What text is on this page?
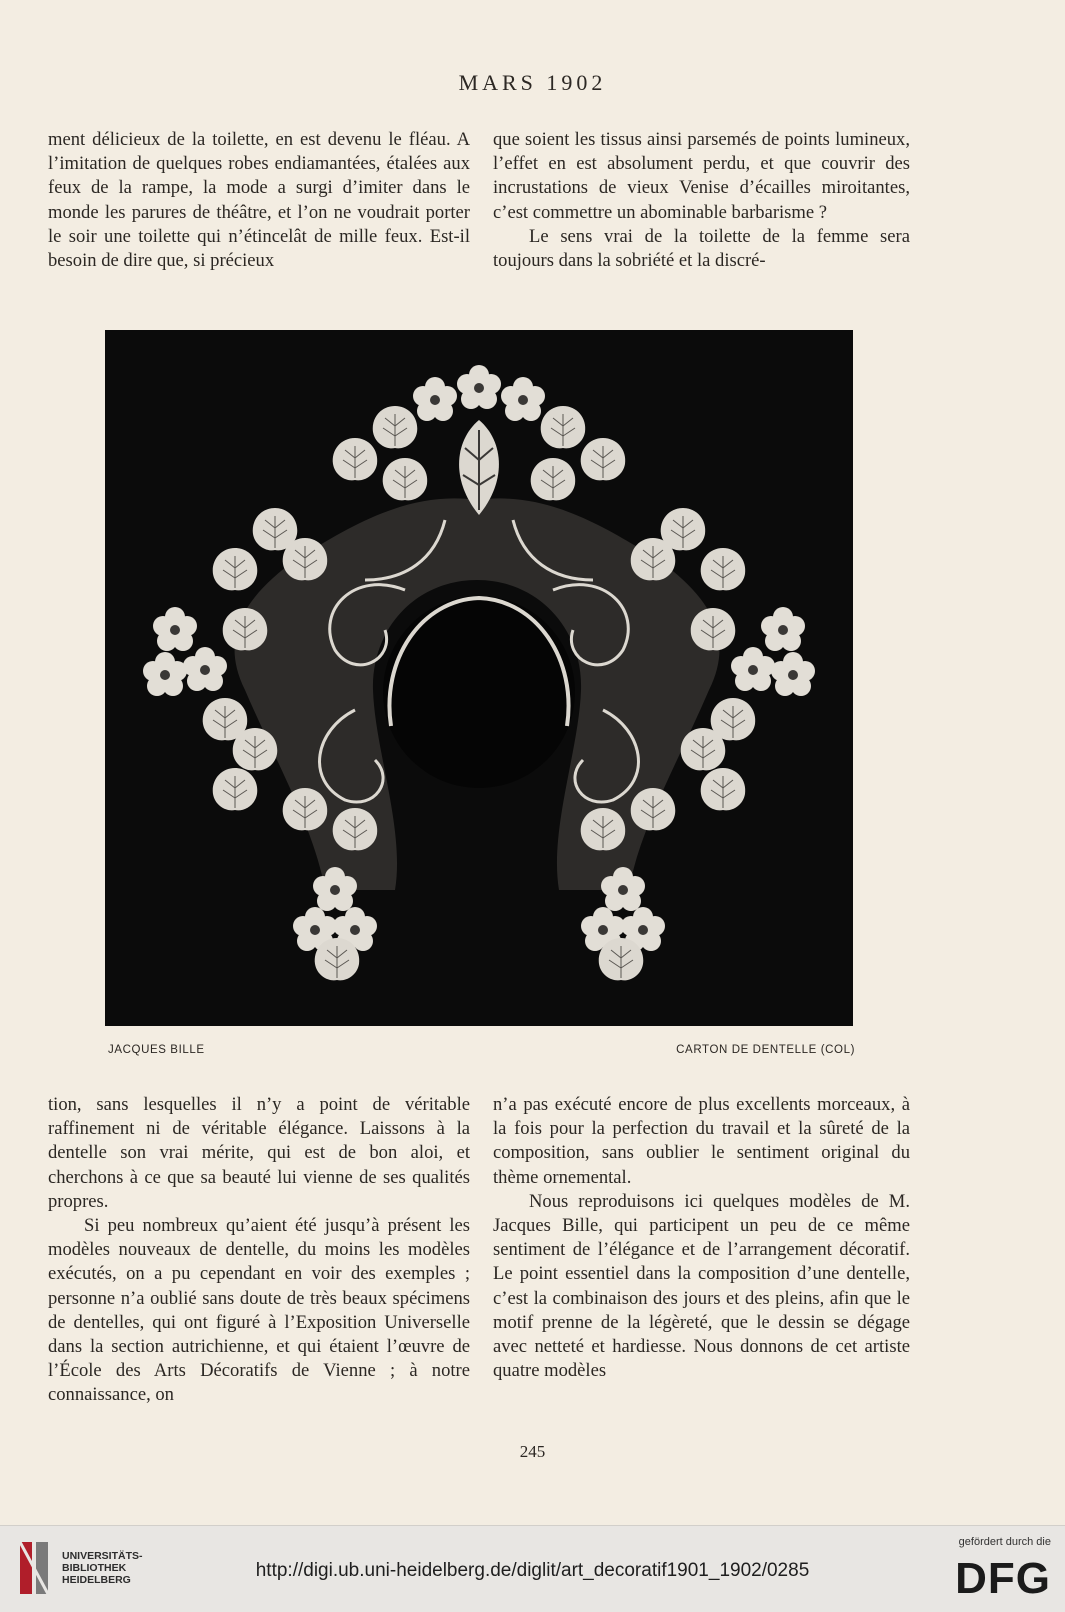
MARS 1902

ment délicieux de la toilette, en est devenu le fléau. A l’imitation de quelques robes endiamantées, étalées aux feux de la rampe, la mode a surgi d’imiter dans le monde les parures de théâtre, et l’on ne voudrait porter le soir une toilette qui n’étincelât de mille feux. Est-il besoin de dire que, si précieux

que soient les tissus ainsi parsemés de points lumineux, l’effet en est absolument perdu, et que couvrir des incrustations de vieux Venise d’écailles miroitantes, c’est commettre un abominable barbarisme ?

Le sens vrai de la toilette de la femme sera toujours dans la sobriété et la discré-

JACQUES BILLE	CARTON DE DENTELLE (COL)

tion, sans lesquelles il n’y a point de véritable raffinement ni de véritable élégance. Laissons à la dentelle son vrai mérite, qui est de bon aloi, et cherchons à ce que sa beauté lui vienne de ses qualités propres.

Si peu nombreux qu’aient été jusqu’à présent les modèles nouveaux de dentelle, du moins les modèles exécutés, on a pu cependant en voir des exemples ; personne n’a oublié sans doute de très beaux spécimens de dentelles, qui ont figuré à l’Exposition Universelle dans la section autrichienne, et qui étaient l’œuvre de l’École des Arts Décoratifs de Vienne ; à notre connaissance, on

n’a pas exécuté encore de plus excellents morceaux, à la fois pour la perfection du travail et la sûreté de la composition, sans oublier le sentiment original du thème ornemental.

Nous reproduisons ici quelques modèles de M. Jacques Bille, qui participent un peu de ce même sentiment de l’élégance et de l’arrangement décoratif. Le point essentiel dans la composition d’une dentelle, c’est la combinaison des jours et des pleins, afin que le motif prenne de la légèreté, que le dessin se dégage avec netteté et hardiesse. Nous donnons de cet artiste quatre modèles

245
UNIVERSITÄTS-
BIBLIOTHEK
HEIDELBERG	http://digi.ub.uni-heidelberg.de/diglit/art_decoratif1901_1902/0285
gefördert durch die
DFG
